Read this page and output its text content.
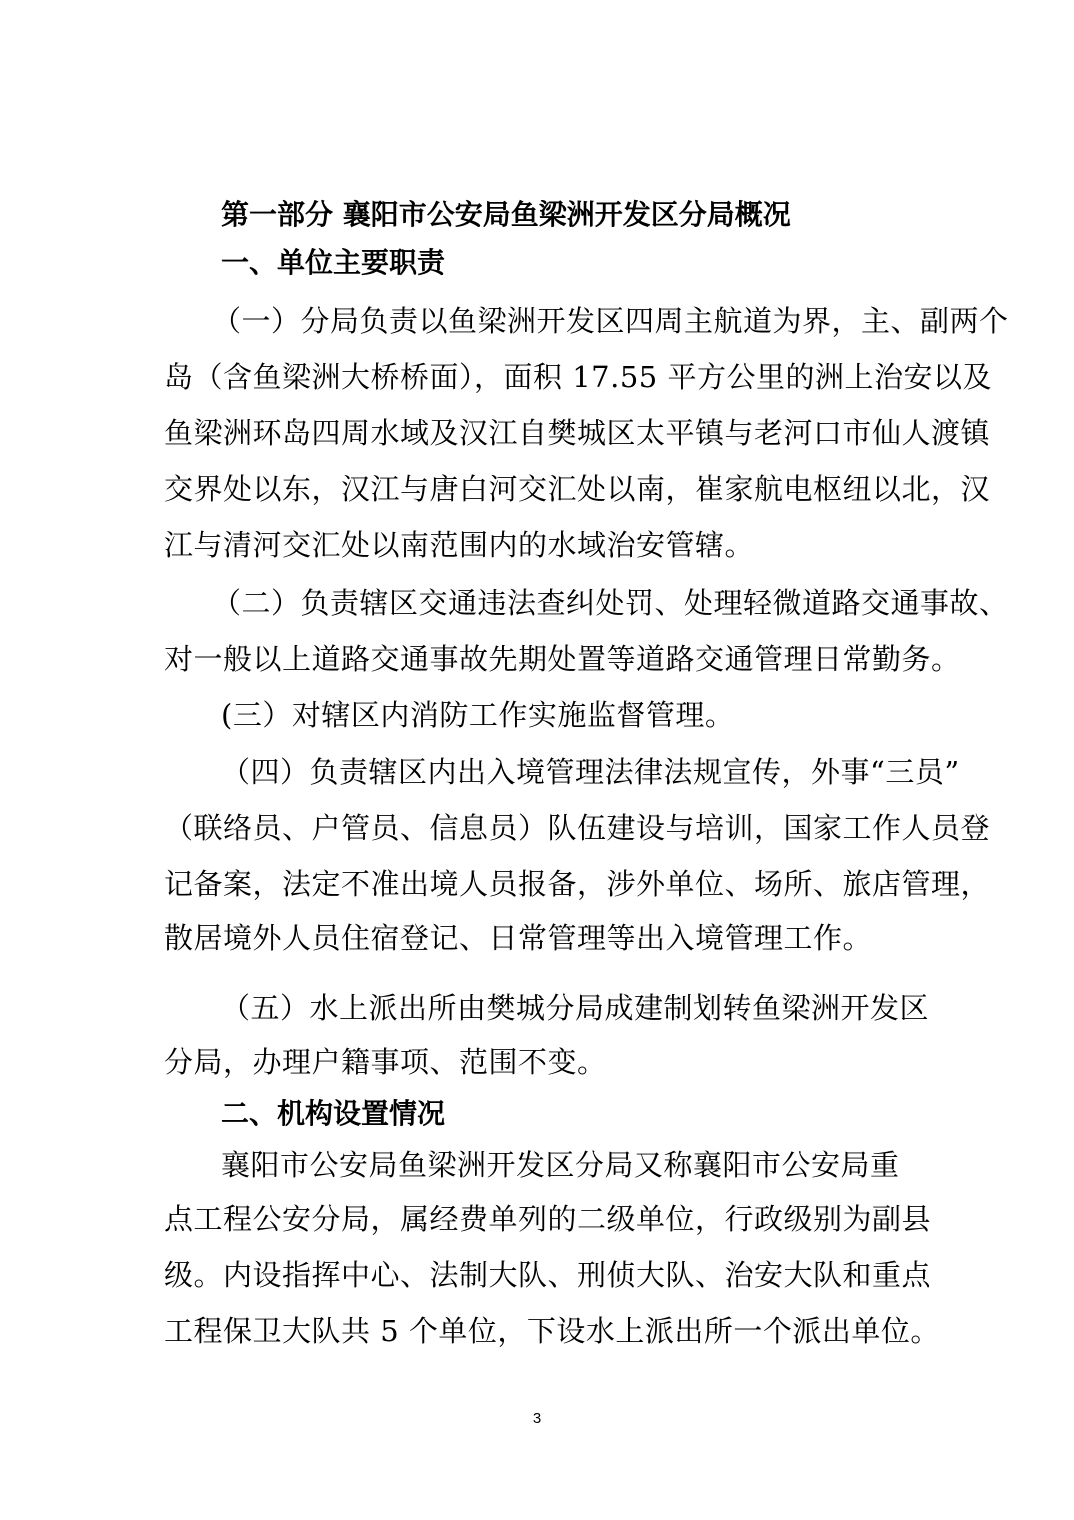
第一部分 襄阳市公安局鱼梁洲开发区分局概况
一、单位主要职责
（一）分局负责以鱼梁洲开发区四周主航道为界，主、副两个
岛（含鱼梁洲大桥桥面），面积 17.55 平方公里的洲上治安以及
鱼梁洲环岛四周水域及汉江自樊城区太平镇与老河口市仙人渡镇
交界处以东，汉江与唐白河交汇处以南，崔家航电枢纽以北，汉
江与清河交汇处以南范围内的水域治安管辖。
（二）负责辖区交通违法查纠处罚、处理轻微道路交通事故、
对一般以上道路交通事故先期处置等道路交通管理日常勤务。
(三）对辖区内消防工作实施监督管理。
（四）负责辖区内出入境管理法律法规宣传，外事“三员”
（联络员、户管员、信息员）队伍建设与培训，国家工作人员登
记备案，法定不准出境人员报备，涉外单位、场所、旅店管理，
散居境外人员住宿登记、日常管理等出入境管理工作。
（五）水上派出所由樊城分局成建制划转鱼梁洲开发区
分局，办理户籍事项、范围不变。
二、机构设置情况
襄阳市公安局鱼梁洲开发区分局又称襄阳市公安局重
点工程公安分局，属经费单列的二级单位，行政级别为副县
级。内设指挥中心、法制大队、刑侦大队、治安大队和重点
工程保卫大队共 5 个单位，下设水上派出所一个派出单位。
3
